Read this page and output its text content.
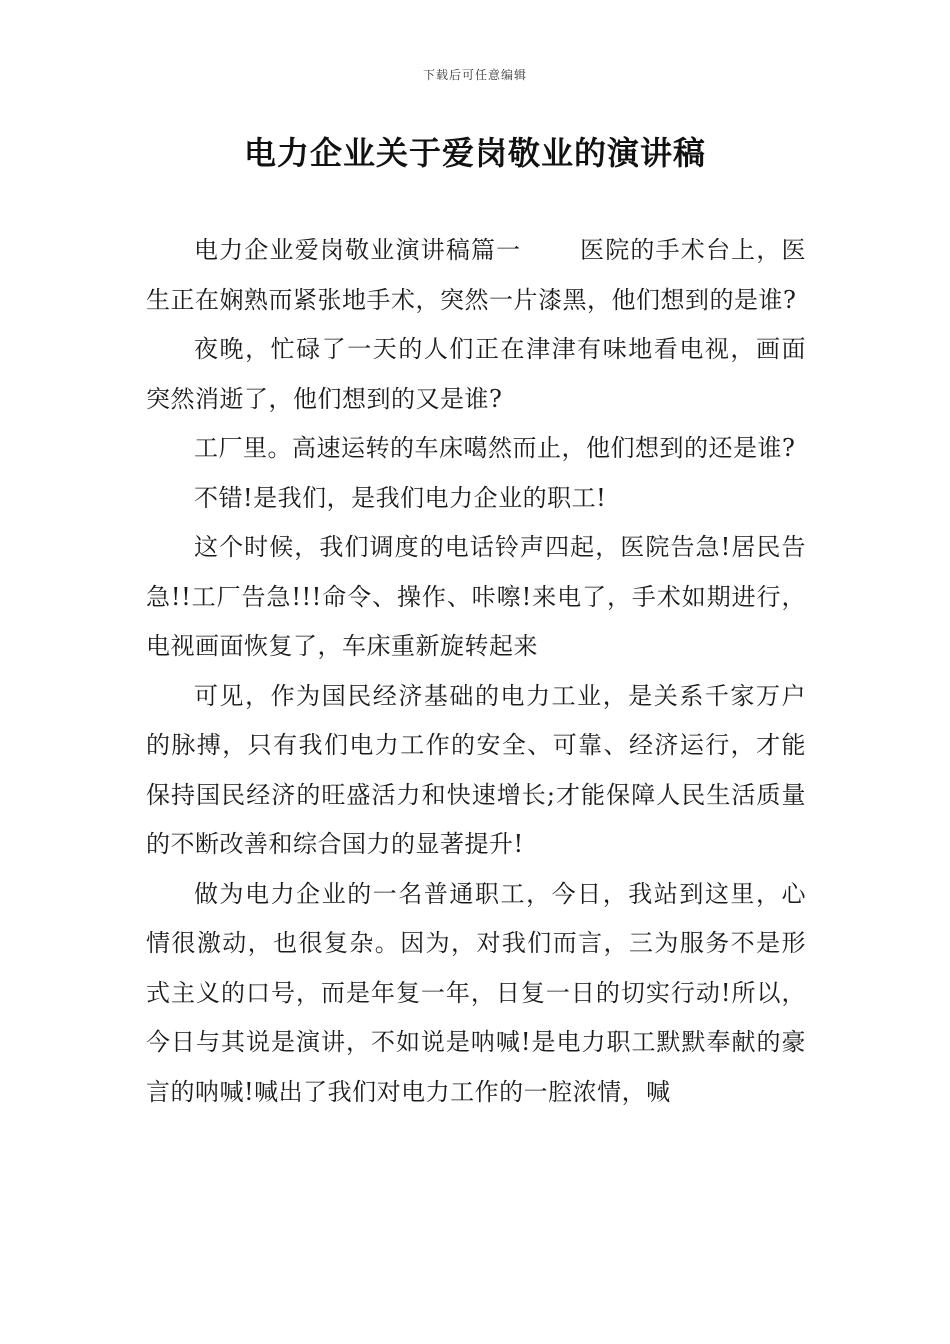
下载后可任意编辑
电力企业关于爱岗敬业的演讲稿

电力企业爱岗敬业演讲稿篇一 医院的手术台上，医生正在娴熟而紧张地手术，突然一片漆黑，他们想到的是谁?

夜晚，忙碌了一天的人们正在津津有味地看电视，画面突然消逝了，他们想到的又是谁?

工厂里。高速运转的车床噶然而止，他们想到的还是谁?

不错!是我们，是我们电力企业的职工!

这个时候，我们调度的电话铃声四起，医院告急!居民告急!!工厂告急!!!命令、操作、咔嚓!来电了，手术如期进行，电视画面恢复了，车床重新旋转起来

可见，作为国民经济基础的电力工业，是关系千家万户的脉搏，只有我们电力工作的安全、可靠、经济运行，才能保持国民经济的旺盛活力和快速增长;才能保障人民生活质量的不断改善和综合国力的显著提升!

做为电力企业的一名普通职工，今日，我站到这里，心情很激动，也很复杂。因为，对我们而言，三为服务不是形式主义的口号，而是年复一年，日复一日的切实行动!所以，今日与其说是演讲，不如说是呐喊!是电力职工默默奉献的豪言的呐喊!喊出了我们对电力工作的一腔浓情，喊
